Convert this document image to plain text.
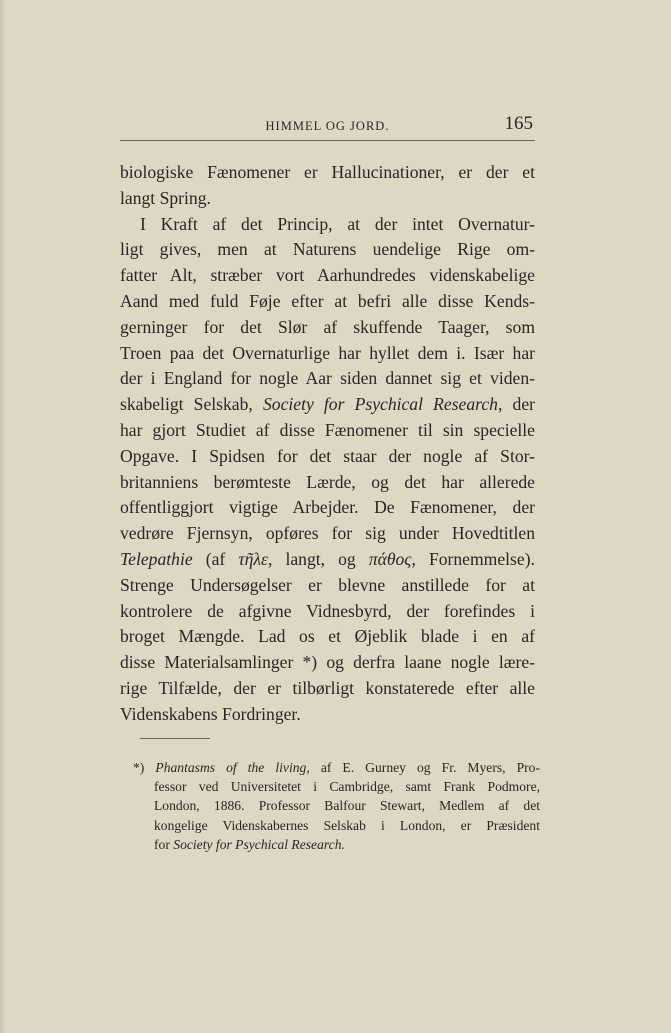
HIMMEL OG JORD.	165
biologiske Fænomener er Hallucinationer, er der et
langt Spring.
I Kraft af det Princip, at der intet Overnatur-
ligt gives, men at Naturens uendelige Rige om-
fatter Alt, stræber vort Aarhundredes videnskabelige
Aand med fuld Føje efter at befri alle disse Kends-
gerninger for det Slør af skuffende Taager, som
Troen paa det Overnaturlige har hyllet dem i. Især har
der i England for nogle Aar siden dannet sig et viden-
skabeligt Selskab, Society for Psychical Research, der
har gjort Studiet af disse Fænomener til sin specielle
Opgave. I Spidsen for det staar der nogle af Stor-
britanniens berømteste Lærde, og det har allerede
offentliggjort vigtige Arbejder. De Fænomener, der
vedrøre Fjernsyn, opføres for sig under Hovedtitlen
Telepathie (af τῆλε, langt, og πάθος, Fornemmelse).
Strenge Undersøgelser er blevne anstillede for at
kontrolere de afgivne Vidnesbyrd, der forefindes i
broget Mængde. Lad os et Øjeblik blade i en af
disse Materialsamlinger *) og derfra laane nogle lære-
rige Tilfælde, der er tilbørligt konstaterede efter alle
Videnskabens Fordringer.
*) Phantasms of the living, af E. Gurney og Fr. Myers, Pro-
fessor ved Universitetet i Cambridge, samt Frank Podmore,
London, 1886. Professor Balfour Stewart, Medlem af det
kongelige Videnskabernes Selskab i London, er Præsident
for Society for Psychical Research.
